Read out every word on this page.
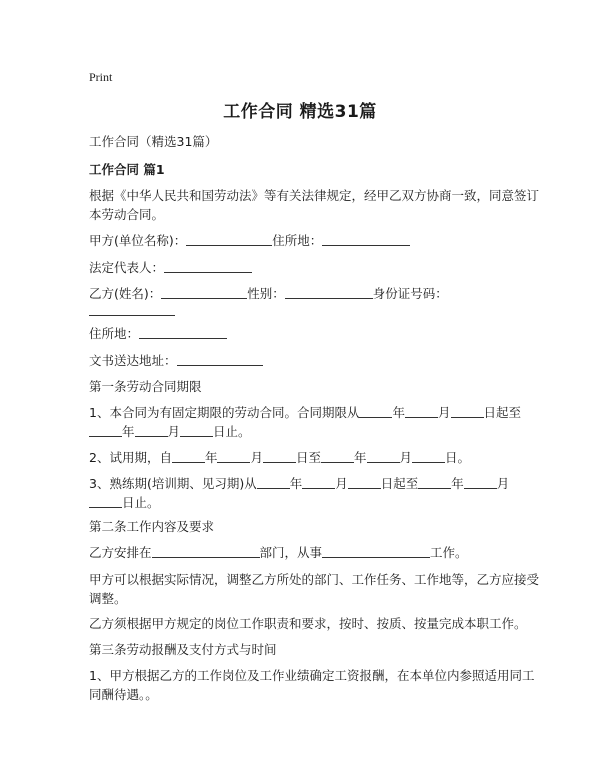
Print
工作合同 精选31篇
工作合同（精选31篇）
工作合同 篇1
根据《中华人民共和国劳动法》等有关法律规定，经甲乙双方协商一致，同意签订
本劳动合同。
甲方(单位名称)：	住所地：
法定代表人：
乙方(姓名)：	性别：	身份证号码：
住所地：
文书送达地址：
第一条劳动合同期限
1、本合同为有固定期限的劳动合同。合同期限从	年	月	日起至
年	月	日止。
2、试用期，自	年	月	日至	年	月	日。
3、熟练期(培训期、见习期)从	年	月	日起至	年	月
日止。
第二条工作内容及要求
乙方安排在	部门，从事	工作。
甲方可以根据实际情况，调整乙方所处的部门、工作任务、工作地等，乙方应接受
调整。
乙方须根据甲方规定的岗位工作职责和要求，按时、按质、按量完成本职工作。
第三条劳动报酬及支付方式与时间
1、甲方根据乙方的工作岗位及工作业绩确定工资报酬，在本单位内参照适用同工
同酬待遇。。
